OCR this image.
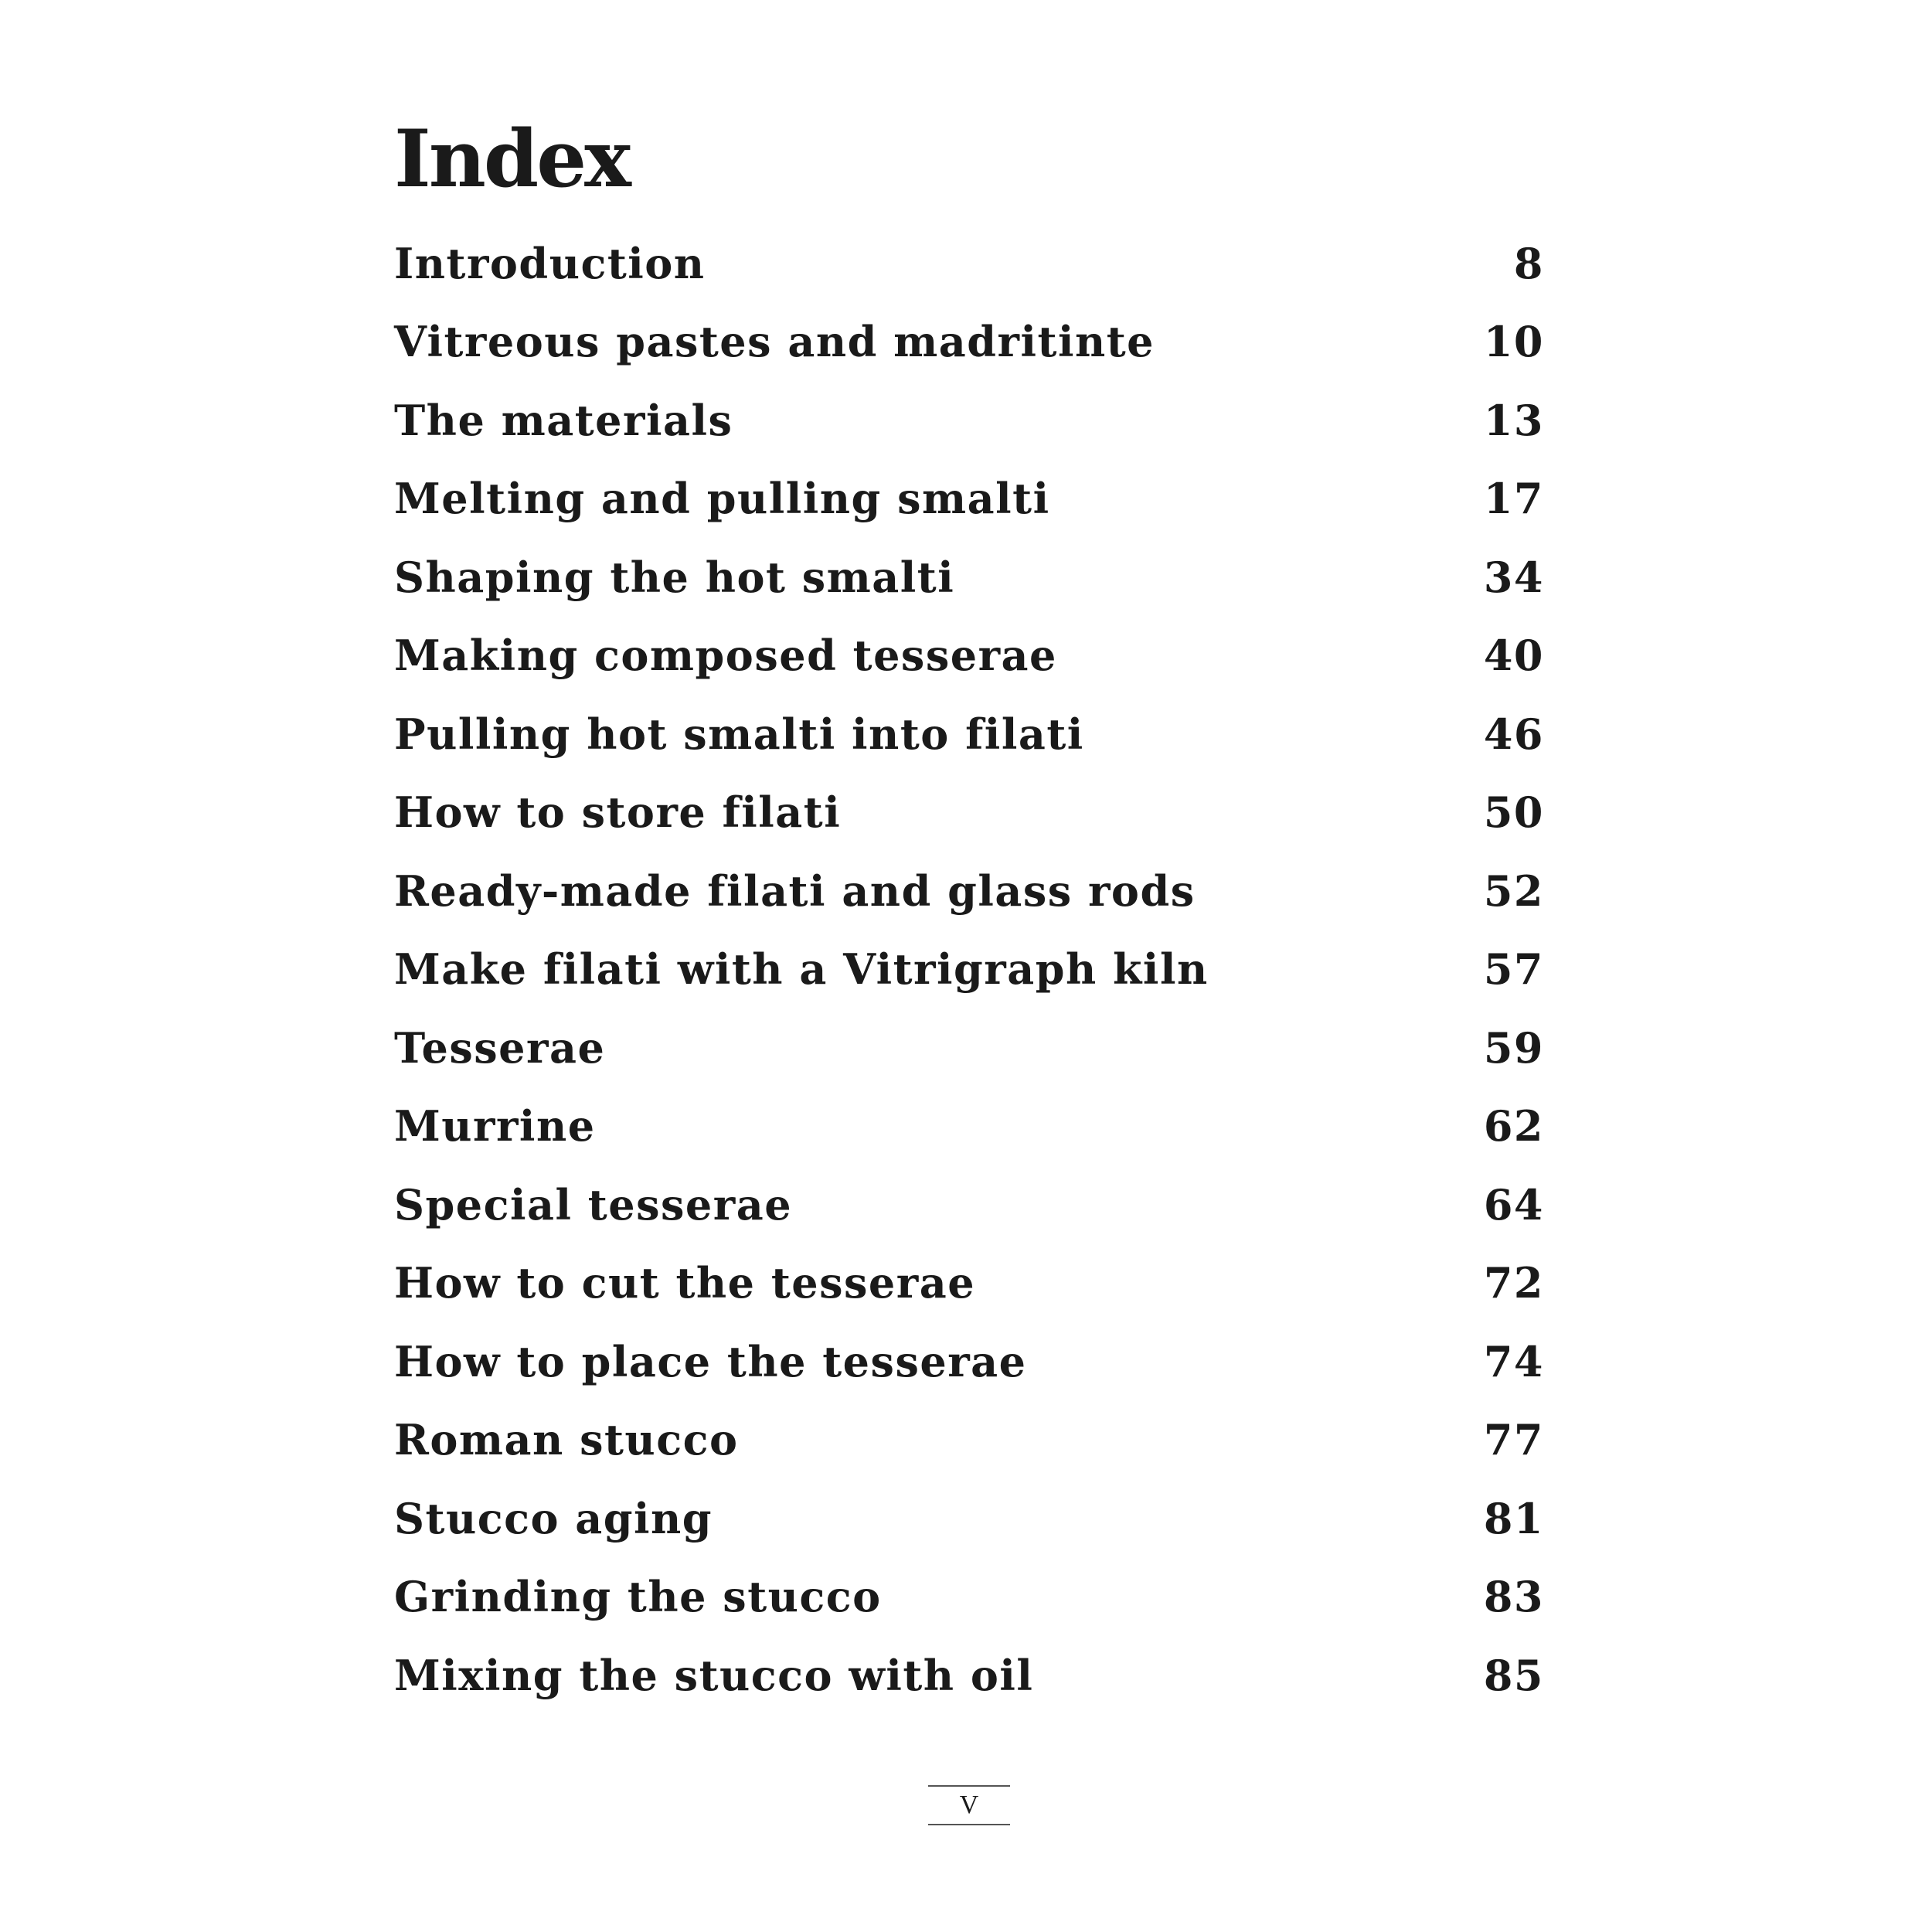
Index
Introduction	8
Vitreous pastes and madritinte	10
The materials	13
Melting and pulling smalti	17
Shaping the hot smalti	34
Making composed tesserae	40
Pulling hot smalti into filati	46
How to store filati	50
Ready-made filati and glass rods	52
Make filati with a Vitrigraph kiln	57
Tesserae	59
Murrine	62
Special tesserae	64
How to cut the tesserae	72
How to place the tesserae	74
Roman stucco	77
Stucco aging	81
Grinding the stucco	83
Mixing the stucco with oil	85
V
